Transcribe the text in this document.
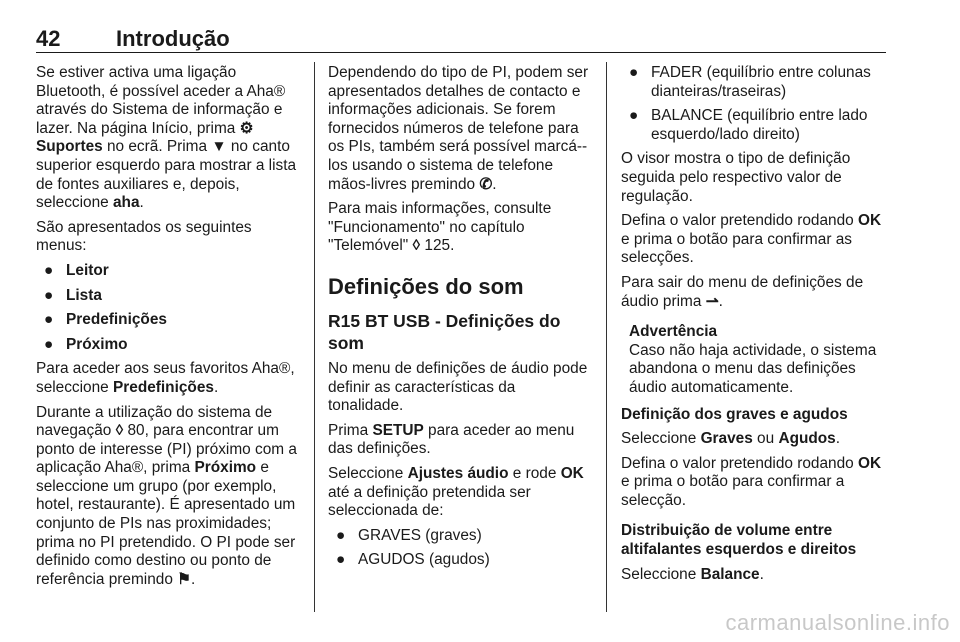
42	Introdução

Se estiver activa uma ligação Bluetooth, é possível aceder a Aha® através do Sistema de informação e lazer. Na página Início, prima ⚙Suportes no ecrã. Prima ▼ no canto superior esquerdo para mostrar a lista de fontes auxiliares e, depois, seleccione aha.

São apresentados os seguintes menus:

● Leitor
● Lista
● Predefinições
● Próximo

Para aceder aos seus favoritos Aha®, seleccione Predefinições.

Durante a utilização do sistema de navegação ◊ 80, para encontrar um ponto de interesse (PI) próximo com a aplicação Aha®, prima Próximo e seleccione um grupo (por exemplo, hotel, restaurante). É apresentado um conjunto de PIs nas proximidades; prima no PI pretendido. O PI pode ser definido como destino ou ponto de referência premindo ⚑.

Dependendo do tipo de PI, podem ser apresentados detalhes de contacto e informações adicionais. Se forem fornecidos números de telefone para os PIs, também será possível marcá--los usando o sistema de telefone mãos-livres premindo ✆.

Para mais informações, consulte "Funcionamento" no capítulo "Telemóvel" ◊ 125.

Definições do som
R15 BT USB - Definições do som

No menu de definições de áudio pode definir as características da tonalidade.

Prima SETUP para aceder ao menu das definições.

Seleccione Ajustes áudio e rode OK até a definição pretendida ser seleccionada de:

● GRAVES (graves)
● AGUDOS (agudos)
● FADER (equilíbrio entre colunas dianteiras/traseiras)
● BALANCE (equilíbrio entre lado esquerdo/lado direito)

O visor mostra o tipo de definição seguida pelo respectivo valor de regulação.

Defina o valor pretendido rodando OK e prima o botão para confirmar as selecções.

Para sair do menu de definições de áudio prima ⇀.

Advertência
Caso não haja actividade, o sistema abandona o menu das definições áudio automaticamente.
Definição dos graves e agudos

Seleccione Graves ou Agudos.

Defina o valor pretendido rodando OK e prima o botão para confirmar a selecção.

Distribuição de volume entre altifalantes esquerdos e direitos

Seleccione Balance.

carmanualsonline.info
